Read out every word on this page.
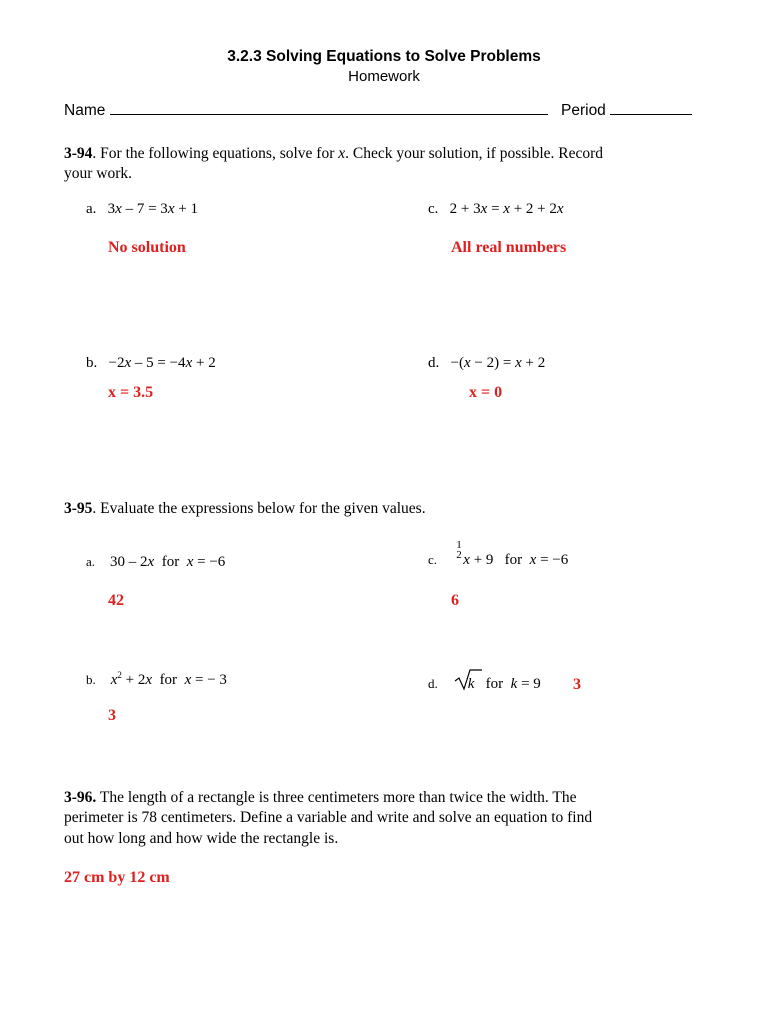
3.2.3 Solving Equations to Solve Problems
Homework
Name	Period
3-94. For the following equations, solve for x. Check your solution, if possible. Record
your work.
a.   3x – 7 = 3x + 1
No solution
c.   2 + 3x = x + 2 + 2x
All real numbers
b.   −2x – 5 = −4x + 2
x = 3.5
d.   −(x − 2) = x + 2
x = 0
3-95. Evaluate the expressions below for the given values.
a.    30 – 2x  for  x = −6
42
1
2
c. x + 9   for  x = −6
6
b. $x^2 + 2x$  for  x = − 3
3
d. k   for  k = 9 3
3-96. The length of a rectangle is three centimeters more than twice the width. The
perimeter is 78 centimeters. Define a variable and write and solve an equation to find
out how long and how wide the rectangle is.
27 cm by 12 cm
